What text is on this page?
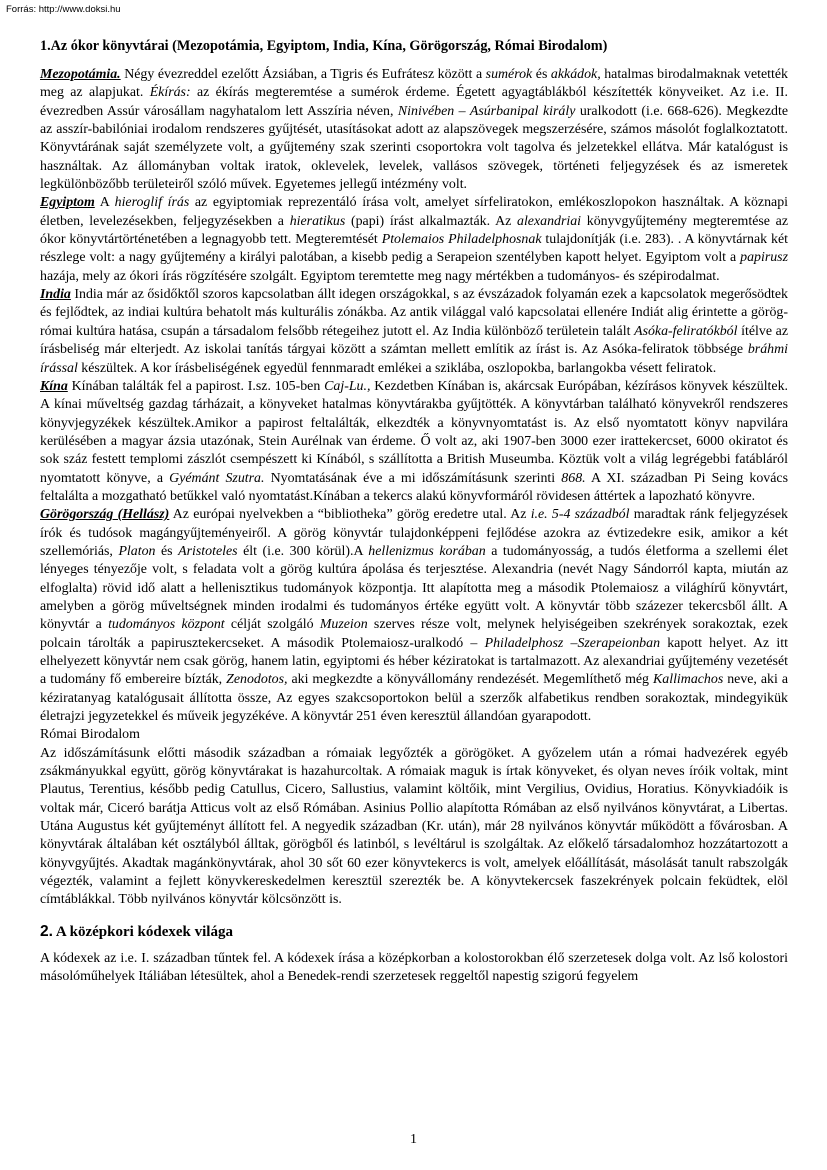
Forrás: http://www.doksi.hu
1.Az ókor könyvtárai (Mezopotámia, Egyiptom, India, Kína, Görögország, Római Birodalom)

Mezopotámia. Négy évezreddel ezelőtt Ázsiában, a Tigris és Eufrátesz között a sumérok és akkádok, hatalmas birodalmaknak vetették meg az alapjukat. Ékírás: az ékírás megteremtése a sumérok érdeme. Égetett agyagtáblákból készítették könyveiket. Az i.e. II. évezredben Assúr városállam nagyhatalom lett Asszíria néven, Ninivében – Asúrbanipal király uralkodott (i.e. 668-626). Megkezdte az asszír-babilóniai irodalom rendszeres gyűjtését, utasításokat adott az alapszövegek megszerzésére, számos másolót foglalkoztatott. Könyvtárának saját személyzete volt, a gyűjtemény szak szerinti csoportokra volt tagolva és jelzetekkel ellátva. Már katalógust is használtak. Az állományban voltak iratok, oklevelek, levelek, vallásos szövegek, történeti feljegyzések és az ismeretek legkülönbözőbb területeiről szóló művek. Egyetemes jellegű intézmény volt.

Egyiptom A hieroglif írás az egyiptomiak reprezentáló írása volt, amelyet sírfeliratokon, emlékoszlopokon használtak. A köznapi életben, levelezésekben, feljegyzésekben a hieratikus (papi) írást alkalmazták. Az alexandriai könyvgyűjtemény megteremtése az ókor könyvtártörténetében a legnagyobb tett. Megteremtését Ptolemaios Philadelphosnak tulajdonítják (i.e. 283). . A könyvtárnak két részlege volt: a nagy gyűjtemény a királyi palotában, a kisebb pedig a Serapeion szentélyben kapott helyet. Egyiptom volt a papirusz hazája, mely az ókori írás rögzítésére szolgált. Egyiptom teremtette meg nagy mértékben a tudományos- és szépirodalmat.

India India már az ősidőktől szoros kapcsolatban állt idegen országokkal, s az évszázadok folyamán ezek a kapcsolatok megerősödtek és fejlődtek, az indiai kultúra behatolt más kulturális zónákba. Az antik világgal való kapcsolatai ellenére Indiát alig érintette a görög-római kultúra hatása, csupán a társadalom felsőbb rétegeihez jutott el. Az India különböző területein talált Asóka-feliratókból ítélve az írásbeliség már elterjedt. Az iskolai tanítás tárgyai között a számtan mellett említik az írást is. Az Asóka-feliratok többsége bráhmi írással készültek. A kor írásbeliségének egyedül fennmaradt emlékei a sziklába, oszlopokba, barlangokba vésett feliratok.

Kína Kínában találták fel a papirost. I.sz. 105-ben Caj-Lu., Kezdetben Kínában is, akárcsak Európában, kézírásos könyvek készültek. A kínai műveltség gazdag tárházait, a könyveket hatalmas könyvtárakba gyűjtötték. A könyvtárban található könyvekről rendszeres könyvjegyzékek készültek.Amikor a papirost feltalálták, elkezdték a könyvnyomtatást is. Az első nyomtatott könyv napvilára kerülésében a magyar ázsia utazónak, Stein Aurélnak van érdeme. Ő volt az, aki 1907-ben 3000 ezer irattekercset, 6000 okiratot és sok száz festett templomi zászlót csempészett ki Kínából, s szállította a British Museumba. Köztük volt a világ legrégebbi fatábláról nyomtatott könyve, a Gyémánt Szutra. Nyomtatásának éve a mi időszámításunk szerinti 868. A XI. században Pi Seing kovács feltalálta a mozgatható betűkkel való nyomtatást.Kínában a tekercs alakú könyvformáról rövidesen áttértek a lapozható könyvre.

Görögország (Hellász) Az európai nyelvekben a “bibliotheka” görög eredetre utal. Az i.e. 5-4 századból maradtak ránk feljegyzések írók és tudósok magángyűjteményeiről. A görög könyvtár tulajdonképpeni fejlődése azokra az évtizedekre esik, amikor a két szellemóriás, Platon és Aristoteles élt (i.e. 300 körül).A hellenizmus korában a tudományosság, a tudós életforma a szellemi élet lényeges tényezője volt, s feladata volt a görög kultúra ápolása és terjesztése. Alexandria (nevét Nagy Sándorról kapta, miután az elfoglalta) rövid idő alatt a hellenisztikus tudományok központja. Itt alapította meg a második Ptolemaiosz a világhírű könyvtárt, amelyben a görög műveltségnek minden irodalmi és tudományos értéke együtt volt. A könyvtár több százezer tekercsből állt. A könyvtár a tudományos központ célját szolgáló Muzeion szerves része volt, melynek helyiségeiben szekrények sorakoztak, ezek polcain tárolták a papirusztekercseket. A második Ptolemaiosz-uralkodó – Philadelphosz –Szerapeionban kapott helyet. Az itt elhelyezett könyvtár nem csak görög, hanem latin, egyiptomi és héber kéziratokat is tartalmazott. Az alexandriai gyűjtemény vezetését a tudomány fő embereire bízták, Zenodotos, aki megkezdte a könyvállomány rendezését. Megemlíthető még Kallimachos neve, aki a kéziratanyag katalógusait állította össze, Az egyes szakcsoportokon belül a szerzők alfabetikus rendben sorakoztak, mindegyikük életrajzi jegyzetekkel és műveik jegyzékéve. A könyvtár 251 éven keresztül állandóan gyarapodott.

Római Birodalom

Az időszámításunk előtti második században a rómaiak legyőzték a görögöket. A győzelem után a római hadvezérek egyéb zsákmányukkal együtt, görög könyvtárakat is hazahurcoltak. A rómaiak maguk is írtak könyveket, és olyan neves íróik voltak, mint Plautus, Terentius, később pedig Catullus, Cicero, Sallustius, valamint költőik, mint Vergilius, Ovidius, Horatius. Könyvkiadóik is voltak már, Ciceró barátja Atticus volt az első Rómában. Asinius Pollio alapította Rómában az első nyilvános könyvtárat, a Libertas. Utána Augustus két gyűjteményt állított fel. A negyedik században (Kr. után), már 28 nyilvános könyvtár működött a fővárosban. A könyvtárak általában két osztályból álltak, görögből és latinból, s levéltárul is szolgáltak. Az előkelő társadalomhoz hozzátartozott a könyvgyűjtés. Akadtak magánkönyvtárak, ahol 30 sőt 60 ezer könyvtekercs is volt, amelyek előállítását, másolását tanult rabszolgák végezték, valamint a fejlett könyvkereskedelmen keresztül szerezték be. A könyvtekercsek faszekrények polcain feküdtek, elöl címtáblákkal. Több nyilvános könyvtár kölcsönzött is.

2. A középkori kódexek világa

A kódexek az i.e. I. században tűntek fel. A kódexek írása a középkorban a kolostorokban élő szerzetesek dolga volt. Az lső kolostori másolóműhelyek Itáliában létesültek, ahol a Benedek-rendi szerzetesek reggeltől napestig szigorú fegyelem

1
